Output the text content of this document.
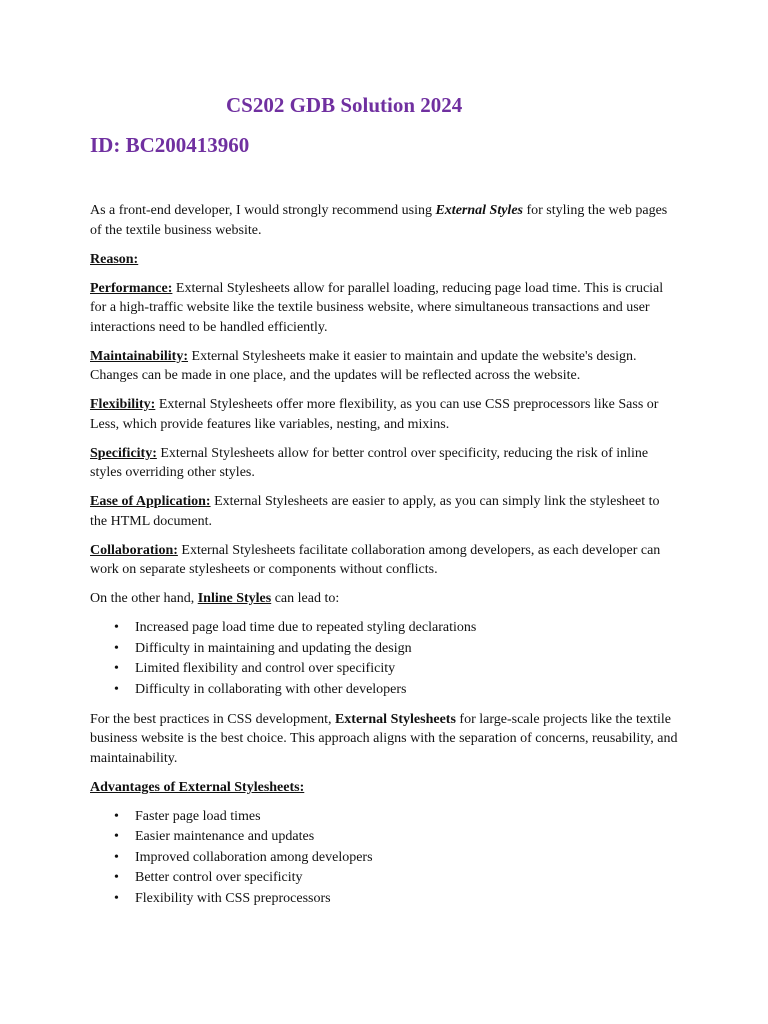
CS202 GDB Solution 2024
ID: BC200413960

As a front-end developer, I would strongly recommend using External Styles for styling the web pages of the textile business website.

Reason:

Performance: External Stylesheets allow for parallel loading, reducing page load time. This is crucial for a high-traffic website like the textile business website, where simultaneous transactions and user interactions need to be handled efficiently.

Maintainability: External Stylesheets make it easier to maintain and update the website's design. Changes can be made in one place, and the updates will be reflected across the website.

Flexibility: External Stylesheets offer more flexibility, as you can use CSS preprocessors like Sass or Less, which provide features like variables, nesting, and mixins.

Specificity: External Stylesheets allow for better control over specificity, reducing the risk of inline styles overriding other styles.

Ease of Application: External Stylesheets are easier to apply, as you can simply link the stylesheet to the HTML document.

Collaboration: External Stylesheets facilitate collaboration among developers, as each developer can work on separate stylesheets or components without conflicts.

On the other hand, Inline Styles can lead to:

• Increased page load time due to repeated styling declarations
• Difficulty in maintaining and updating the design
• Limited flexibility and control over specificity
• Difficulty in collaborating with other developers

For the best practices in CSS development, External Stylesheets for large-scale projects like the textile business website is the best choice. This approach aligns with the separation of concerns, reusability, and maintainability.

Advantages of External Stylesheets:

• Faster page load times
• Easier maintenance and updates
• Improved collaboration among developers
• Better control over specificity
• Flexibility with CSS preprocessors
